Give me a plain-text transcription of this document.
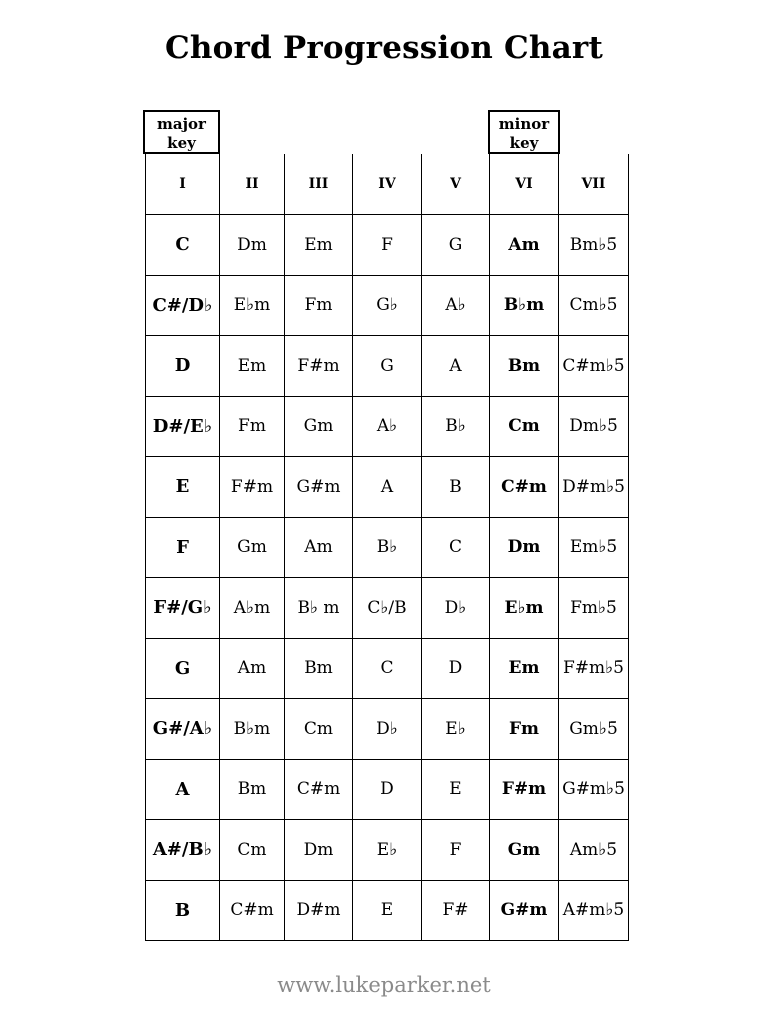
Chord Progression Chart
major key
minor key
I	II	III	IV	V	VI	VII
C	Dm	Em	F	G	Am	Bm♭5̄
C#/D♭	E♭m	Fm	G♭	A♭	B♭m	Cm♭5̄
D	Em	F#m	G	A	Bm	C#m♭5̄
D#/E♭	Fm	Gm	A♭	B♭	Cm	Dm♭5̄
E	F#m	G#m	A	B	C#m	D#m♭5̄
F	Gm	Am	B♭	C	Dm	Em♭5̄
F#/G♭	A♭m	B♭ m	C♭/B	D♭	E♭m	Fm♭5̄
G	Am	Bm	C	D	Em	F#m♭5̄
G#/A♭	B♭m	Cm	D♭	E♭	Fm	Gm♭5̄
A	Bm	C#m	D	E	F#m	G#m♭5̄
A#/B♭	Cm	Dm	E♭	F	Gm	Am♭5̄
B	C#m	D#m	E	F#	G#m	A#m♭5̄
www.lukeparker.net
